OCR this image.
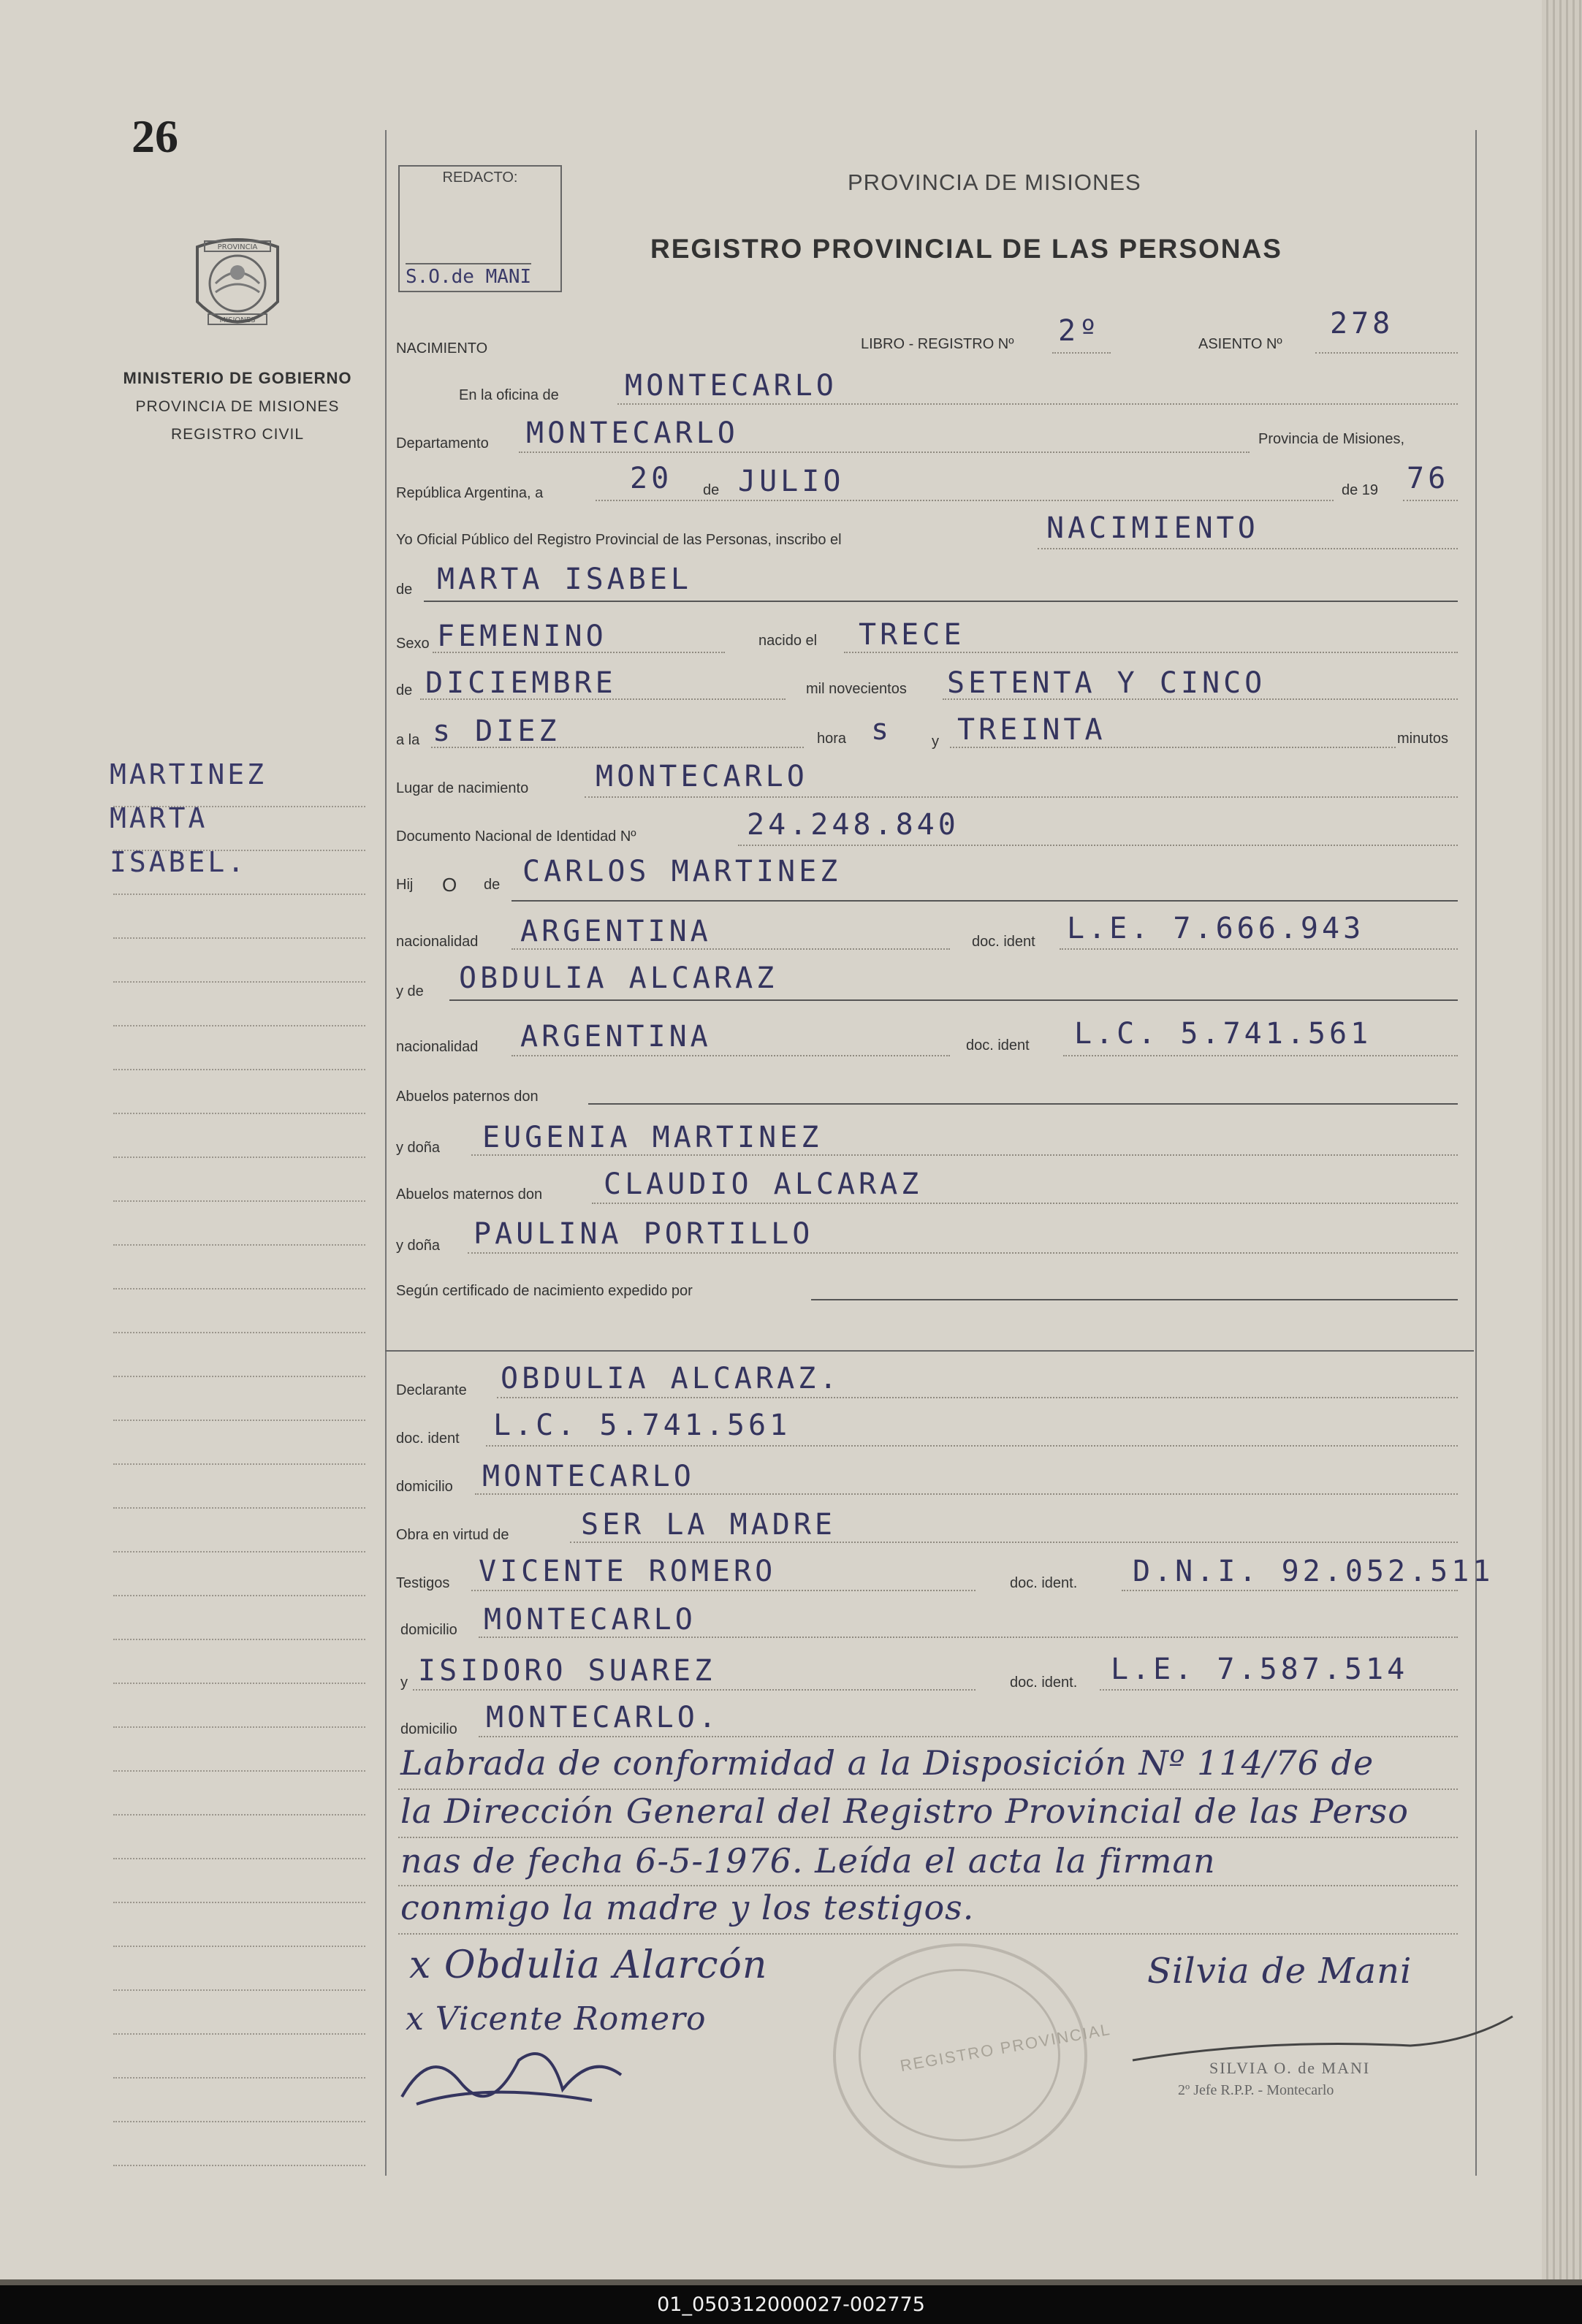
26
PROVINCIA
MISIONES
MINISTERIO DE GOBIERNO
PROVINCIA DE MISIONES
REGISTRO CIVIL
MARTINEZ
MARTA
ISABEL.
REDACTO:
S.O.de MANI
PROVINCIA DE MISIONES
REGISTRO PROVINCIAL DE LAS PERSONAS
NACIMIENTO	LIBRO - REGISTRO Nº 2º	ASIENTO Nº
278
En la oficina de MONTECARLO
Departamento MONTECARLO	Provincia de Misiones,
República Argentina, a	20 de JULIO	de 19 76
Yo Oficial Público del Registro Provincial de las Personas, inscribo el	NACIMIENTO
de MARTA ISABEL
Sexo FEMENINO	nacido el TRECE
de DICIEMBRE	mil novecientos SETENTA Y CINCO
a la s DIEZ	hora s	y TREINTA	minutos
Lugar de nacimiento MONTECARLO
Documento Nacional de Identidad Nº	24.248.840
Hij O de CARLOS MARTINEZ
nacionalidad ARGENTINA	doc. ident L.E. 7.666.943
y de OBDULIA ALCARAZ
nacionalidad ARGENTINA	doc. ident L.C. 5.741.561
Abuelos paternos don
y doña EUGENIA MARTINEZ
Abuelos maternos don CLAUDIO ALCARAZ
y doña PAULINA PORTILLO
Según certificado de nacimiento expedido por
Declarante OBDULIA ALCARAZ.
doc. ident L.C. 5.741.561
domicilio MONTECARLO
Obra en virtud de SER LA MADRE
Testigos VICENTE ROMERO	doc. ident. D.N.I. 92.052.511
domicilio MONTECARLO
y ISIDORO SUAREZ	doc. ident. L.E. 7.587.514
domicilio MONTECARLO.
Labrada de conformidad a la Disposición Nº 114/76 de
la Dirección General del Registro Provincial de las Perso
nas de fecha 6-5-1976. Leída el acta la firman
conmigo la madre y los testigos.
REGISTRO PROVINCIAL
x Obdulia Alarcón
x Vicente Romero
Silvia de Mani
SILVIA O. de MANI
2º Jefe R.P.P. - Montecarlo
01_050312000027-002775
